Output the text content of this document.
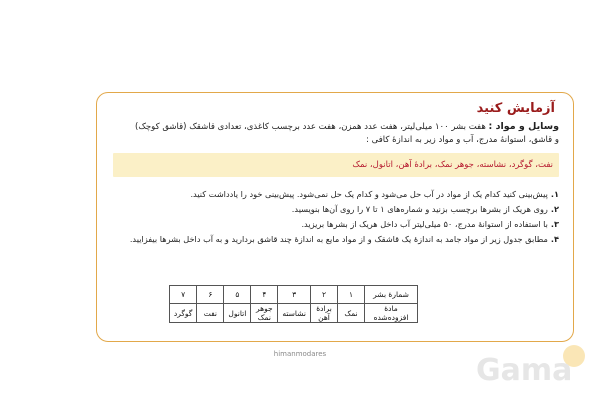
آزمایش کنید
وسایل و مواد : هفت بشر ۱۰۰ میلی‌لیتر، هفت عدد همزن، هفت عدد برچسب کاغذی، تعدادی قاشقک (قاشق کوچک)
و قاشق، استوانهٔ مدرج، آب و مواد زیر به اندازهٔ کافی :
نفت، گوگرد، نشاسته، جوهر نمک، برادهٔ آهن، اتانول، نمک
۱.پیش‌بینی کنید کدام یک از مواد در آب حل می‌شود و کدام یک حل نمی‌شود. پیش‌بینی خود را یادداشت کنید.
۲.روی هریک از بشرها برچسب بزنید و شماره‌های ۱ تا ۷ را روی آن‌ها بنویسید.
۳.با استفاده از استوانهٔ مدرج، ۵۰ میلی‌لیتر آب داخل هریک از بشرها بریزید.
۴.مطابق جدول زیر از مواد جامد به اندازهٔ یک قاشقک و از مواد مایع به اندازهٔ چند قاشق بردارید و به آب داخل بشرها بیفزایید.
شمارهٔ بشر	۱	۲	۳	۴	۵	۶	۷
مادهٔ افزوده‌شده	نمک	برادهٔ آهن	نشاسته	جوهر نمک	اتانول	نفت	گوگرد
himanmodares	Gama
